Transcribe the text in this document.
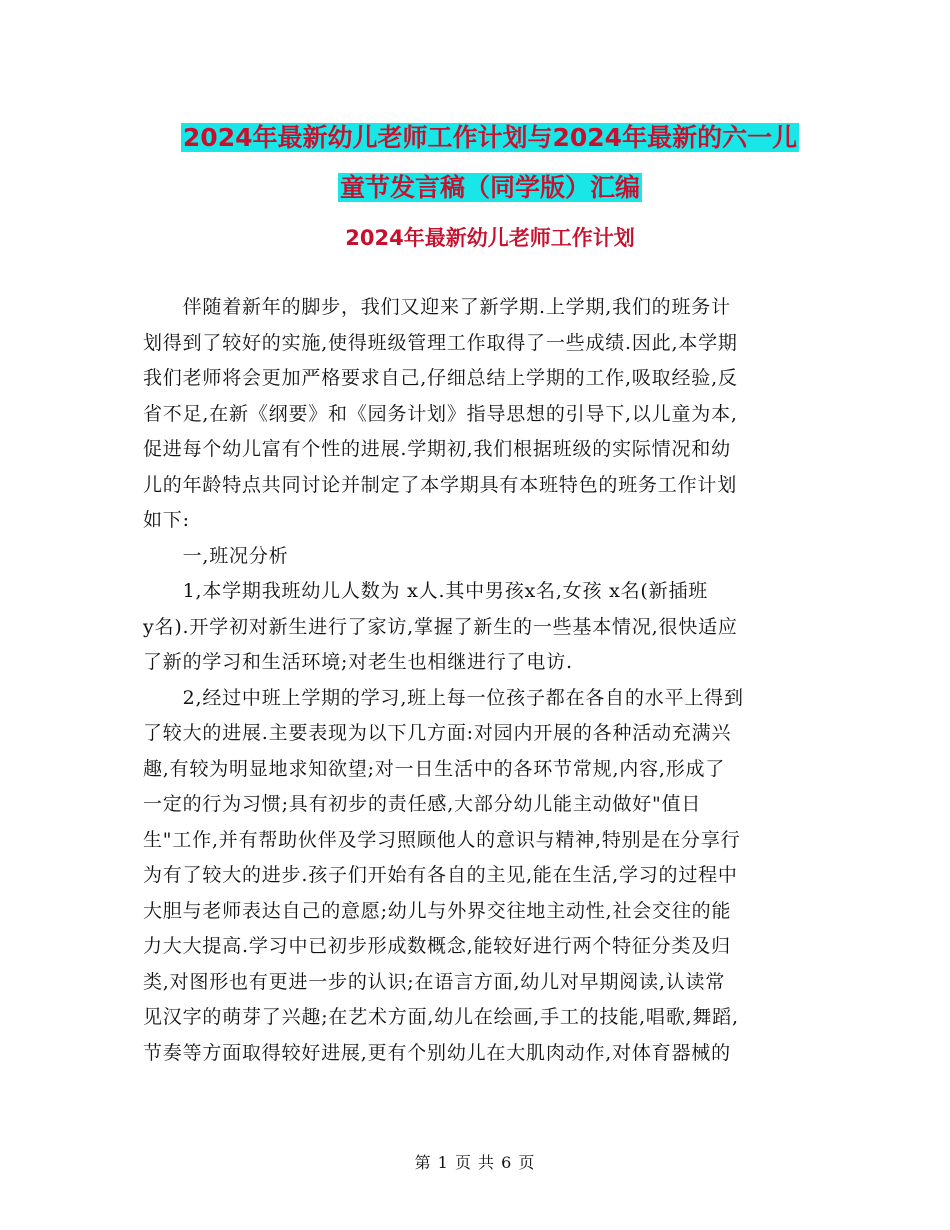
2024年最新幼儿老师工作计划与2024年最新的六一儿
童节发言稿（同学版）汇编
2024年最新幼儿老师工作计划
　　伴随着新年的脚步，我们又迎来了新学期.上学期,我们的班务计
划得到了较好的实施,使得班级管理工作取得了一些成绩.因此,本学期
我们老师将会更加严格要求自己,仔细总结上学期的工作,吸取经验,反
省不足,在新《纲要》和《园务计划》指导思想的引导下,以儿童为本,
促进每个幼儿富有个性的进展.学期初,我们根据班级的实际情况和幼
儿的年龄特点共同讨论并制定了本学期具有本班特色的班务工作计划
如下:
　　一,班况分析
　　1,本学期我班幼儿人数为 x人.其中男孩x名,女孩 x名(新插班
y名).开学初对新生进行了家访,掌握了新生的一些基本情况,很快适应
了新的学习和生活环境;对老生也相继进行了电访.
　　2,经过中班上学期的学习,班上每一位孩子都在各自的水平上得到
了较大的进展.主要表现为以下几方面:对园内开展的各种活动充满兴
趣,有较为明显地求知欲望;对一日生活中的各环节常规,内容,形成了
一定的行为习惯;具有初步的责任感,大部分幼儿能主动做好"值日
生"工作,并有帮助伙伴及学习照顾他人的意识与精神,特别是在分享行
为有了较大的进步.孩子们开始有各自的主见,能在生活,学习的过程中
大胆与老师表达自己的意愿;幼儿与外界交往地主动性,社会交往的能
力大大提高.学习中已初步形成数概念,能较好进行两个特征分类及归
类,对图形也有更进一步的认识;在语言方面,幼儿对早期阅读,认读常
见汉字的萌芽了兴趣;在艺术方面,幼儿在绘画,手工的技能,唱歌,舞蹈,
节奏等方面取得较好进展,更有个别幼儿在大肌肉动作,对体育器械的
第 1 页 共 6 页
